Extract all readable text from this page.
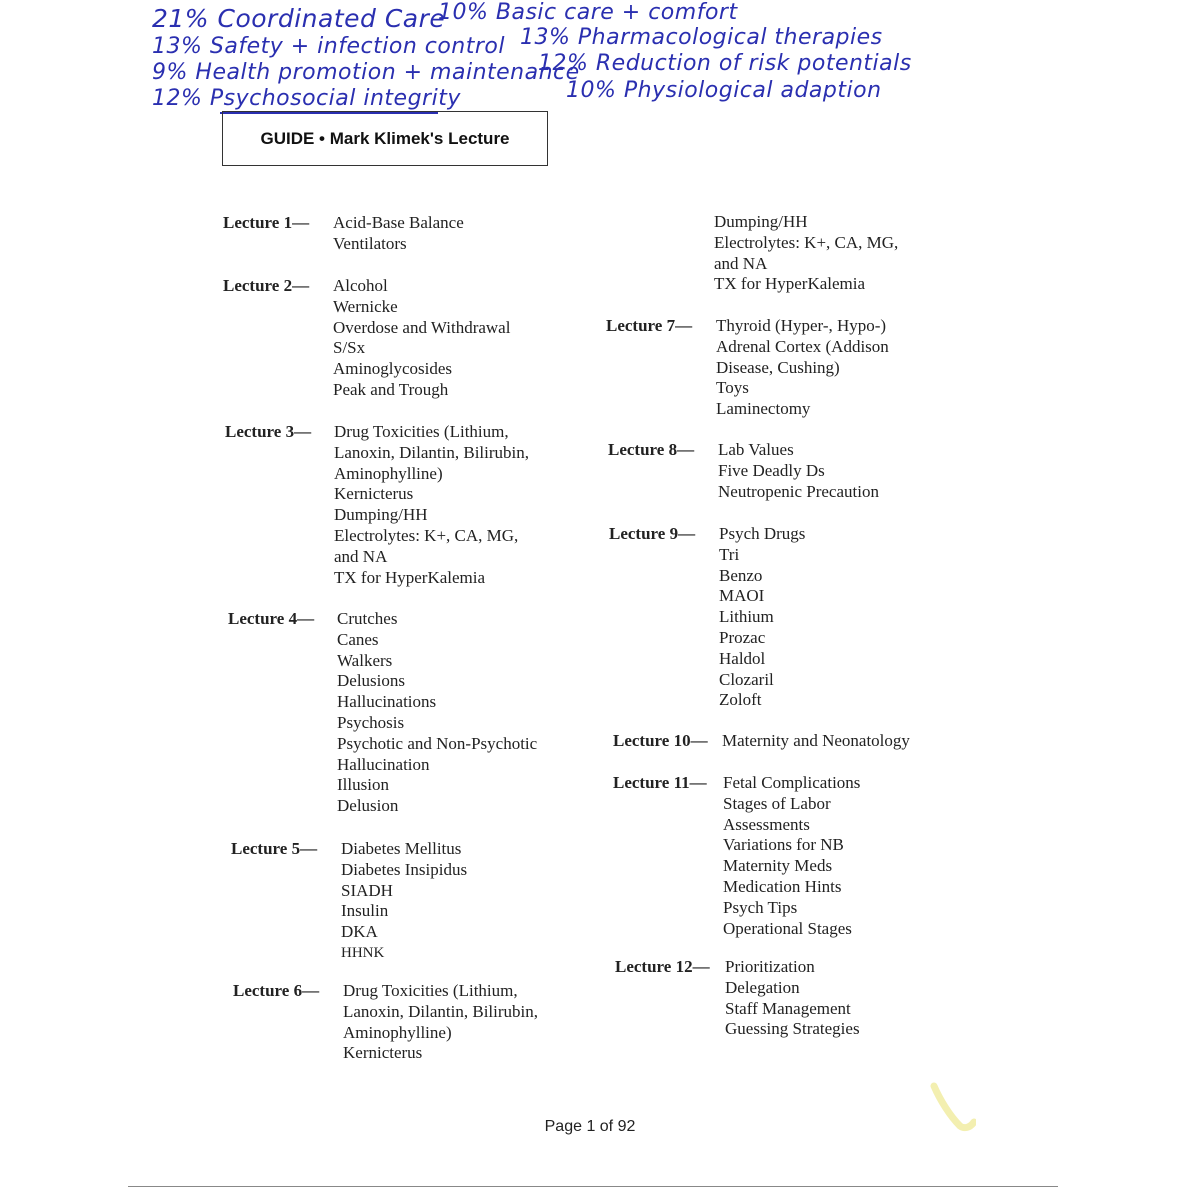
21% Coordinated Care
13% Safety + infection control
9% Health promotion + maintenance
12% Psychosocial integrity
10% Basic care + comfort
13% Pharmacological therapies
12% Reduction of risk potentials
10% Physiological adaption
GUIDE • Mark Klimek's Lecture
Lecture 1— Acid-Base Balance
Ventilators
Lecture 2— Alcohol
Wernicke
Overdose and Withdrawal
S/Sx
Aminoglycosides
Peak and Trough
Lecture 3— Drug Toxicities (Lithium,
Lanoxin, Dilantin, Bilirubin,
Aminophylline)
Kernicterus
Dumping/HH
Electrolytes: K+, CA, MG,
and NA
TX for HyperKalemia
Lecture 4— Crutches
Canes
Walkers
Delusions
Hallucinations
Psychosis
Psychotic and Non-Psychotic
Hallucination
Illusion
Delusion
Lecture 5— Diabetes Mellitus
Diabetes Insipidus
SIADH
Insulin
DKA
HHNK
Lecture 6— Drug Toxicities (Lithium,
Lanoxin, Dilantin, Bilirubin,
Aminophylline)
Kernicterus
Dumping/HH
Electrolytes: K+, CA, MG,
and NA
TX for HyperKalemia
Lecture 7— Thyroid (Hyper-, Hypo-)
Adrenal Cortex (Addison
Disease, Cushing)
Toys
Laminectomy
Lecture 8— Lab Values
Five Deadly Ds
Neutropenic Precaution
Lecture 9— Psych Drugs
Tri
Benzo
MAOI
Lithium
Prozac
Haldol
Clozaril
Zoloft
Lecture 10— Maternity and Neonatology
Lecture 11— Fetal Complications
Stages of Labor
Assessments
Variations for NB
Maternity Meds
Medication Hints
Psych Tips
Operational Stages
Lecture 12— Prioritization
Delegation
Staff Management
Guessing Strategies
Page 1 of 92
